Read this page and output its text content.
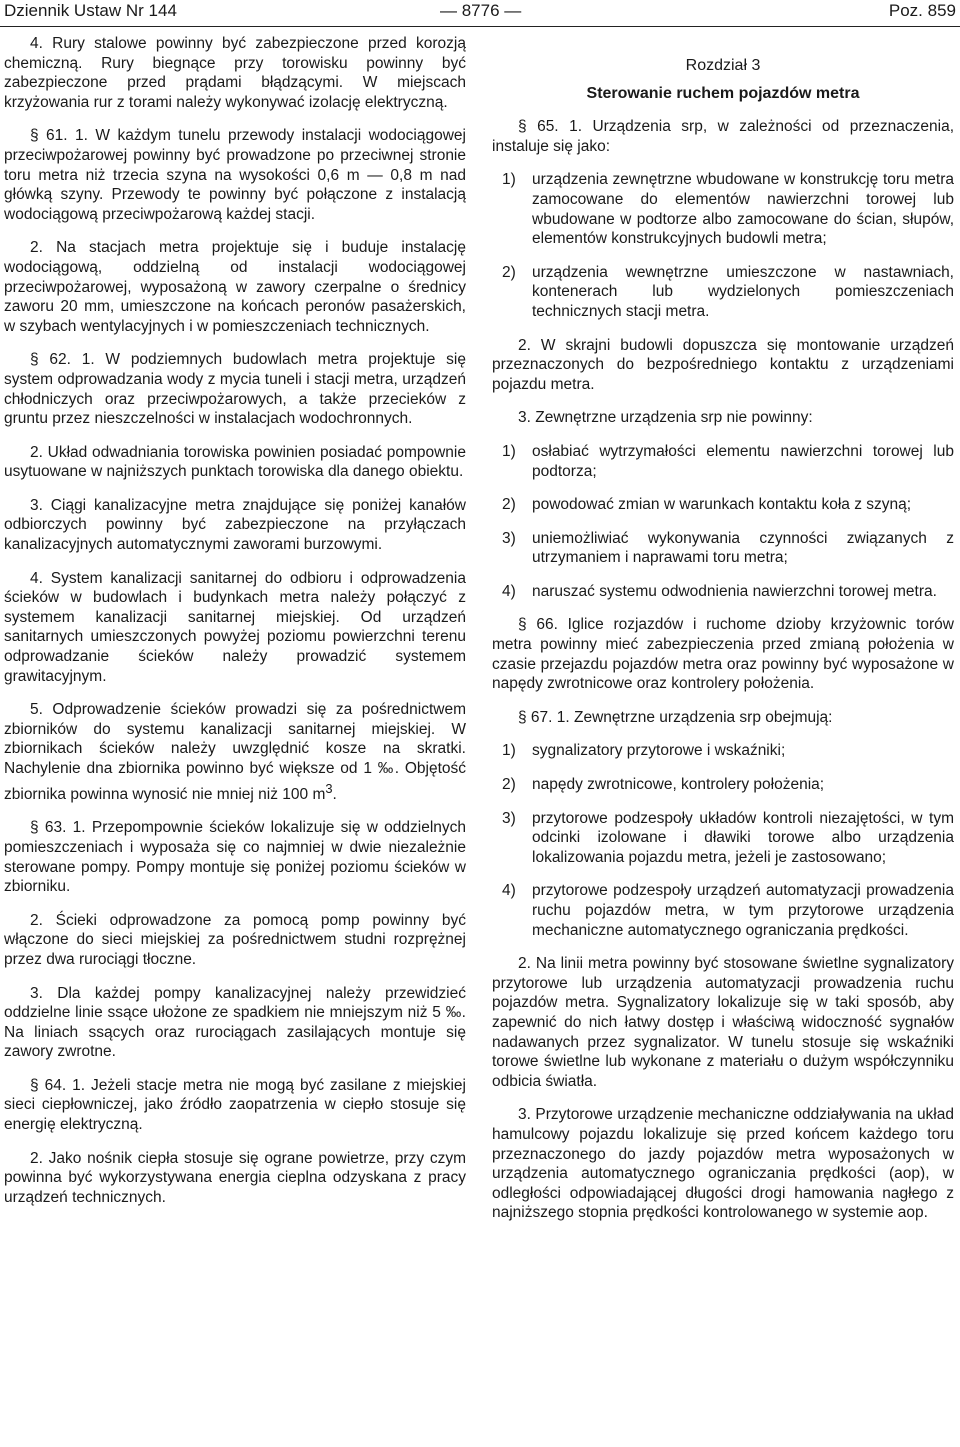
Dziennik Ustaw Nr 144	— 8776 —	Poz. 859

4. Rury stalowe powinny być zabezpieczone przed korozją chemiczną. Rury biegnące przy torowisku powinny być zabezpieczone przed prądami błądzącymi. W miejscach krzyżowania rur z torami należy wykonywać izolację elektryczną.

§ 61. 1. W każdym tunelu przewody instalacji wodociągowej przeciwpożarowej powinny być prowadzone po przeciwnej stronie toru metra niż trzecia szyna na wysokości 0,6 m — 0,8 m nad główką szyny. Przewody te powinny być połączone z instalacją wodociągową przeciwpożarową każdej stacji.

2. Na stacjach metra projektuje się i buduje instalację wodociągową, oddzielną od instalacji wodociągowej przeciwpożarowej, wyposażoną w zawory czerpalne o średnicy zaworu 20 mm, umieszczone na końcach peronów pasażerskich, w szybach wentylacyjnych i w pomieszczeniach technicznych.

§ 62. 1. W podziemnych budowlach metra projektuje się system odprowadzania wody z mycia tuneli i stacji metra, urządzeń chłodniczych oraz przeciwpożarowych, a także przecieków z gruntu przez nieszczelności w instalacjach wodochronnych.

2. Układ odwadniania torowiska powinien posiadać pompownie usytuowane w najniższych punktach torowiska dla danego obiektu.

3. Ciągi kanalizacyjne metra znajdujące się poniżej kanałów odbiorczych powinny być zabezpieczone na przyłączach kanalizacyjnych automatycznymi zaworami burzowymi.

4. System kanalizacji sanitarnej do odbioru i odprowadzenia ścieków w budowlach i budynkach metra należy połączyć z systemem kanalizacji sanitarnej miejskiej. Od urządzeń sanitarnych umieszczonych powyżej poziomu powierzchni terenu odprowadzanie ścieków należy prowadzić systemem grawitacyjnym.

5. Odprowadzenie ścieków prowadzi się za pośrednictwem zbiorników do systemu kanalizacji sanitarnej miejskiej. W zbiornikach ścieków należy uwzględnić kosze na skratki. Nachylenie dna zbiornika powinno być większe od 1 ‰. Objętość zbiornika powinna wynosić nie mniej niż 100 $m^3$.

§ 63. 1. Przepompownie ścieków lokalizuje się w oddzielnych pomieszczeniach i wyposaża się co najmniej w dwie niezależnie sterowane pompy. Pompy montuje się poniżej poziomu ścieków w zbiorniku.

2. Ścieki odprowadzone za pomocą pomp powinny być włączone do sieci miejskiej za pośrednictwem studni rozprężnej przez dwa rurociągi tłoczne.

3. Dla każdej pompy kanalizacyjnej należy przewidzieć oddzielne linie ssące ułożone ze spadkiem nie mniejszym niż 5 ‰. Na liniach ssących oraz rurociągach zasilających montuje się zawory zwrotne.

§ 64. 1. Jeżeli stacje metra nie mogą być zasilane z miejskiej sieci ciepłowniczej, jako źródło zaopatrzenia w ciepło stosuje się energię elektryczną.

2. Jako nośnik ciepła stosuje się ograne powietrze, przy czym powinna być wykorzystywana energia cieplna odzyskana z pracy urządzeń technicznych.

Rozdział 3
Sterowanie ruchem pojazdów metra

§ 65. 1. Urządzenia srp, w zależności od przeznaczenia, instaluje się jako:

1)	urządzenia zewnętrzne wbudowane w konstrukcję toru metra zamocowane do elementów nawierzchni torowej lub wbudowane w podtorze albo zamocowane do ścian, słupów, elementów konstrukcyjnych budowli metra;
2)	urządzenia wewnętrzne umieszczone w nastawniach, kontenerach lub wydzielonych pomieszczeniach technicznych stacji metra.

2. W skrajni budowli dopuszcza się montowanie urządzeń przeznaczonych do bezpośredniego kontaktu z urządzeniami pojazdu metra.

3. Zewnętrzne urządzenia srp nie powinny:

1)	osłabiać wytrzymałości elementu nawierzchni torowej lub podtorza;
2)	powodować zmian w warunkach kontaktu koła z szyną;
3)	uniemożliwiać wykonywania czynności związanych z utrzymaniem i naprawami toru metra;
4)	naruszać systemu odwodnienia nawierzchni torowej metra.

§ 66. Iglice rozjazdów i ruchome dzioby krzyżownic torów metra powinny mieć zabezpieczenia przed zmianą położenia w czasie przejazdu pojazdów metra oraz powinny być wyposażone w napędy zwrotnicowe oraz kontrolery położenia.

§ 67. 1. Zewnętrzne urządzenia srp obejmują:

1)	sygnalizatory przytorowe i wskaźniki;
2)	napędy zwrotnicowe, kontrolery położenia;
3)	przytorowe podzespoły układów kontroli niezajętości, w tym odcinki izolowane i dławiki torowe albo urządzenia lokalizowania pojazdu metra, jeżeli je zastosowano;
4)	przytorowe podzespoły urządzeń automatyzacji prowadzenia ruchu pojazdów metra, w tym przytorowe urządzenia mechaniczne automatycznego ograniczania prędkości.

2. Na linii metra powinny być stosowane świetlne sygnalizatory przytorowe lub urządzenia automatyzacji prowadzenia ruchu pojazdów metra. Sygnalizatory lokalizuje się w taki sposób, aby zapewnić do nich łatwy dostęp i właściwą widoczność sygnałów nadawanych przez sygnalizator. W tunelu stosuje się wskaźniki torowe świetlne lub wykonane z materiału o dużym współczynniku odbicia światła.

3. Przytorowe urządzenie mechaniczne oddziaływania na układ hamulcowy pojazdu lokalizuje się przed końcem każdego toru przeznaczonego do jazdy pojazdów metra wyposażonych w urządzenia automatycznego ograniczania prędkości (aop), w odległości odpowiadającej długości drogi hamowania nagłego z najniższego stopnia prędkości kontrolowanego w systemie aop.
